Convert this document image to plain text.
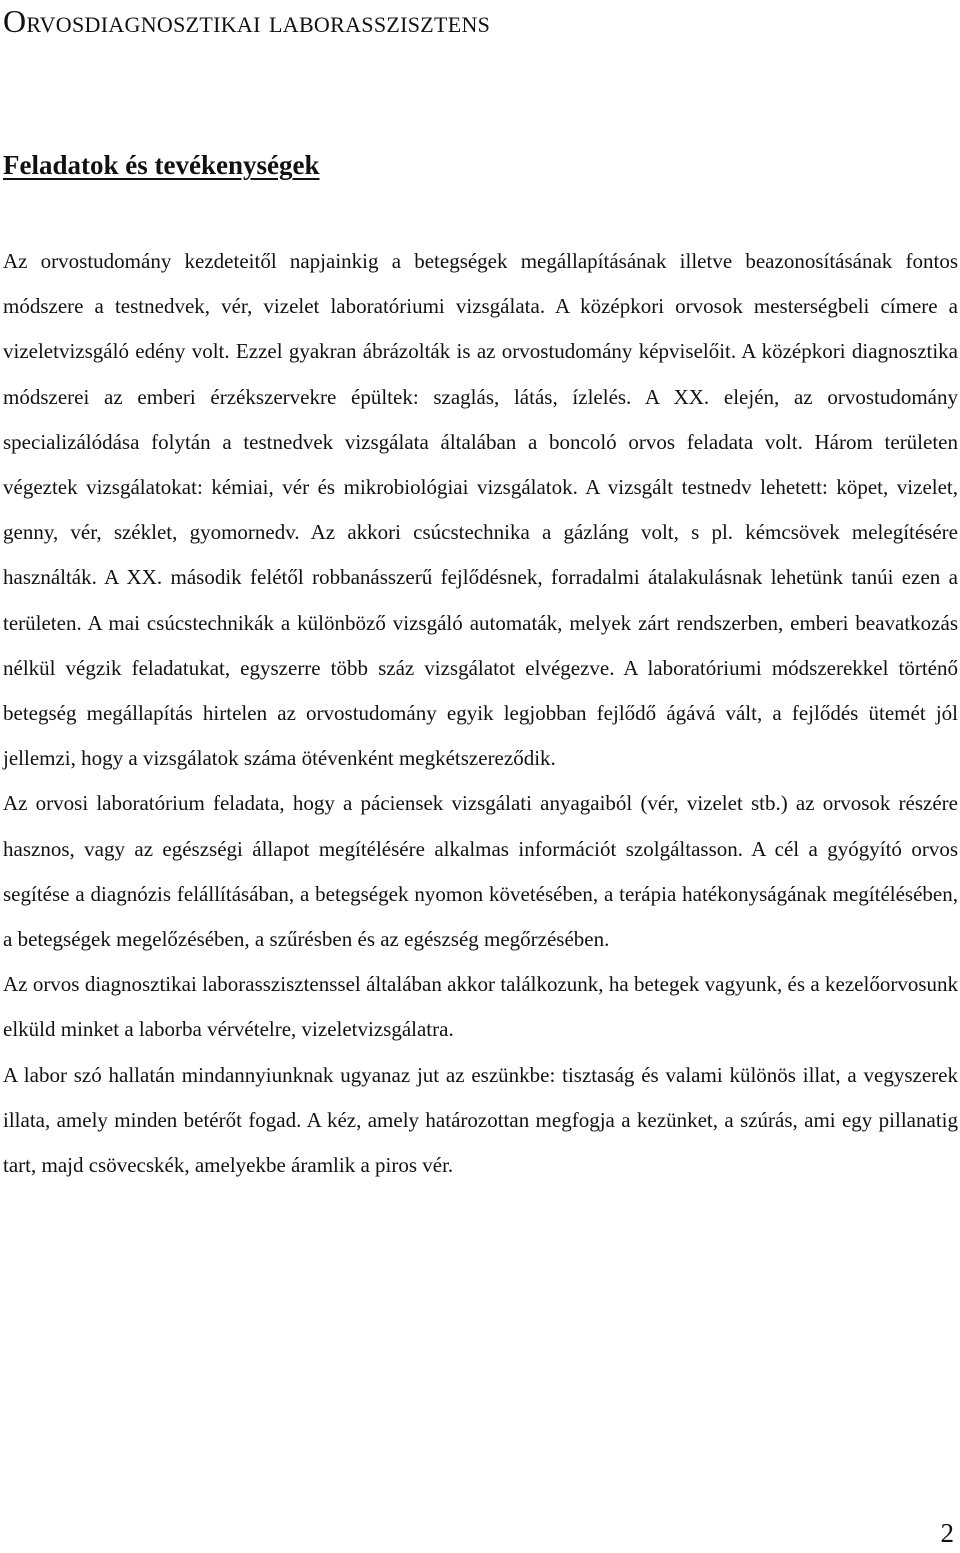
Orvosdiagnosztikai laborasszisztens
Feladatok és tevékenységek

Az orvostudomány kezdeteitől napjainkig a betegségek megállapításának illetve beazonosításának fontos módszere a testnedvek, vér, vizelet laboratóriumi vizsgálata. A középkori orvosok mesterségbeli címere a vizeletvizsgáló edény volt. Ezzel gyakran ábrázolták is az orvostudomány képviselőit. A középkori diagnosztika módszerei az emberi érzékszervekre épültek: szaglás, látás, ízlelés. A XX. elején, az orvostudomány specializálódása folytán a testnedvek vizsgálata általában a boncoló orvos feladata volt. Három területen végeztek vizsgálatokat: kémiai, vér és mikrobiológiai vizsgálatok. A vizsgált testnedv lehetett: köpet, vizelet, genny, vér, széklet, gyomornedv. Az akkori csúcstechnika a gázláng volt, s pl. kémcsövek melegítésére használták. A XX. második felétől robbanásszerű fejlődésnek, forradalmi átalakulásnak lehetünk tanúi ezen a területen. A mai csúcstechnikák a különböző vizsgáló automaták, melyek zárt rendszerben, emberi beavatkozás nélkül végzik feladatukat, egyszerre több száz vizsgálatot elvégezve. A laboratóriumi módszerekkel történő betegség megállapítás hirtelen az orvostudomány egyik legjobban fejlődő ágává vált, a fejlődés ütemét jól jellemzi, hogy a vizsgálatok száma ötévenként megkétszereződik.

Az orvosi laboratórium feladata, hogy a páciensek vizsgálati anyagaiból (vér, vizelet stb.) az orvosok részére hasznos, vagy az egészségi állapot megítélésére alkalmas információt szolgáltasson. A cél a gyógyító orvos segítése a diagnózis felállításában, a betegségek nyomon követésében, a terápia hatékonyságának megítélésében, a betegségek megelőzésében, a szűrésben és az egészség megőrzésében.

Az orvos diagnosztikai laborasszisztenssel általában akkor találkozunk, ha betegek vagyunk, és a kezelőorvosunk elküld minket a laborba vérvételre, vizeletvizsgálatra.

A labor szó hallatán mindannyiunknak ugyanaz jut az eszünkbe: tisztaság és valami különös illat, a vegyszerek illata, amely minden betérőt fogad. A kéz, amely határozottan megfogja a kezünket, a szúrás, ami egy pillanatig tart, majd csövecskék, amelyekbe áramlik a piros vér.

2
